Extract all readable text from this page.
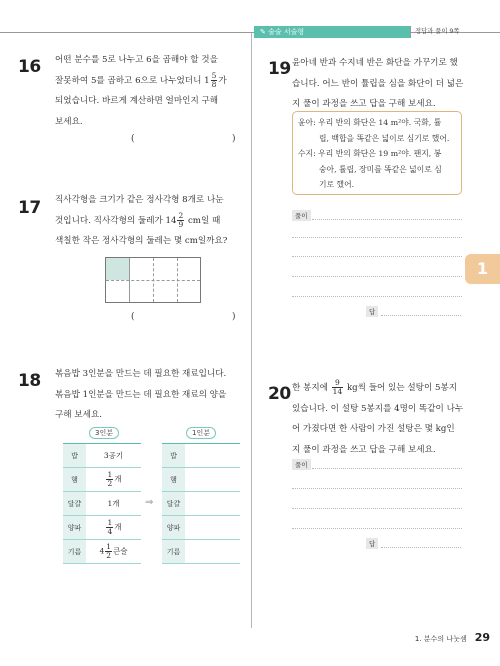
✎ 술술 서술형	정답과 풀이 9쪽
16 어떤 분수를 5로 나누고 6을 곱해야 할 것을
잘못하여 5를 곱하고 6으로 나누었더니 $1 \frac{5}{8}$ 가
되었습니다. 바르게 계산하면 얼마인지 구해
보세요.
(	)
17 직사각형을 크기가 같은 정사각형 8개로 나눈
것입니다. 직사각형의 둘레가 $14 \frac{2}{9}$ cm일 때
색칠한 작은 정사각형의 둘레는 몇 cm일까요?
(	)
18 볶음밥 3인분을 만드는 데 필요한 재료입니다.
볶음밥 1인분을 만드는 데 필요한 재료의 양을
구해 보세요.
3인분	1인분
밥	3공기
햄	$\frac{1}{2}$ 개
달걀	1개
양파	$\frac{1}{4}$ 개
기름	$4 \frac{1}{2}$ 큰술
⇒
밥	
햄	
달걀	
양파	
기름	
19 윤아네 반과 수지네 반은 화단을 가꾸기로 했
습니다. 어느 반이 튤립을 심을 화단이 더 넓은
지 풀이 과정을 쓰고 답을 구해 보세요.
윤아: 우리 반의 화단은 14 m²야. 국화, 튤
립, 백합을 똑같은 넓이로 심기로 했어.
수지: 우리 반의 화단은 19 m²야. 팬지, 봉
숭아, 튤립, 장미를 똑같은 넓이로 심
기로 했어.
풀이
답
1
20 한 봉지에 $\frac{9}{14}$ kg씩 들어 있는 설탕이 5봉지
있습니다. 이 설탕 5봉지를 4명이 똑같이 나누
어 가졌다면 한 사람이 가진 설탕은 몇 kg인
지 풀이 과정을 쓰고 답을 구해 보세요.
풀이
답
1. 분수의 나눗셈 29
